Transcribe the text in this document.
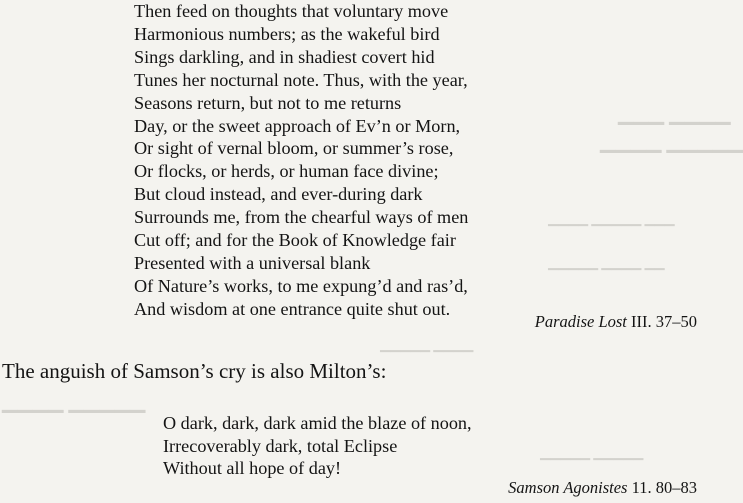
▁▁▁ ▁▁▁▁
▁▁▁▁ ▁▁▁▁▁
▁▁▁▁ ▁▁▁▁▁ ▁▁▁
▁▁▁▁▁ ▁▁▁▁ ▁▁
▁▁▁▁▁ ▁▁▁▁
▁▁▁▁ ▁▁▁▁▁
▁▁▁▁▁ ▁▁▁▁▁
Then feed on thoughts that voluntary move
Harmonious numbers; as the wakeful bird
Sings darkling, and in shadiest covert hid
Tunes her nocturnal note. Thus, with the year,
Seasons return, but not to me returns
Day, or the sweet approach of Ev’n or Morn,
Or sight of vernal bloom, or summer’s rose,
Or flocks, or herds, or human face divine;
But cloud instead, and ever-during dark
Surrounds me, from the chearful ways of men
Cut off; and for the Book of Knowledge fair
Presented with a universal blank
Of Nature’s works, to me expung’d and ras’d,
And wisdom at one entrance quite shut out.
Paradise Lost III. 37–50
The anguish of Samson’s cry is also Milton’s:
O dark, dark, dark amid the blaze of noon,
Irrecoverably dark, total Eclipse
Without all hope of day!
Samson Agonistes 11. 80–83
